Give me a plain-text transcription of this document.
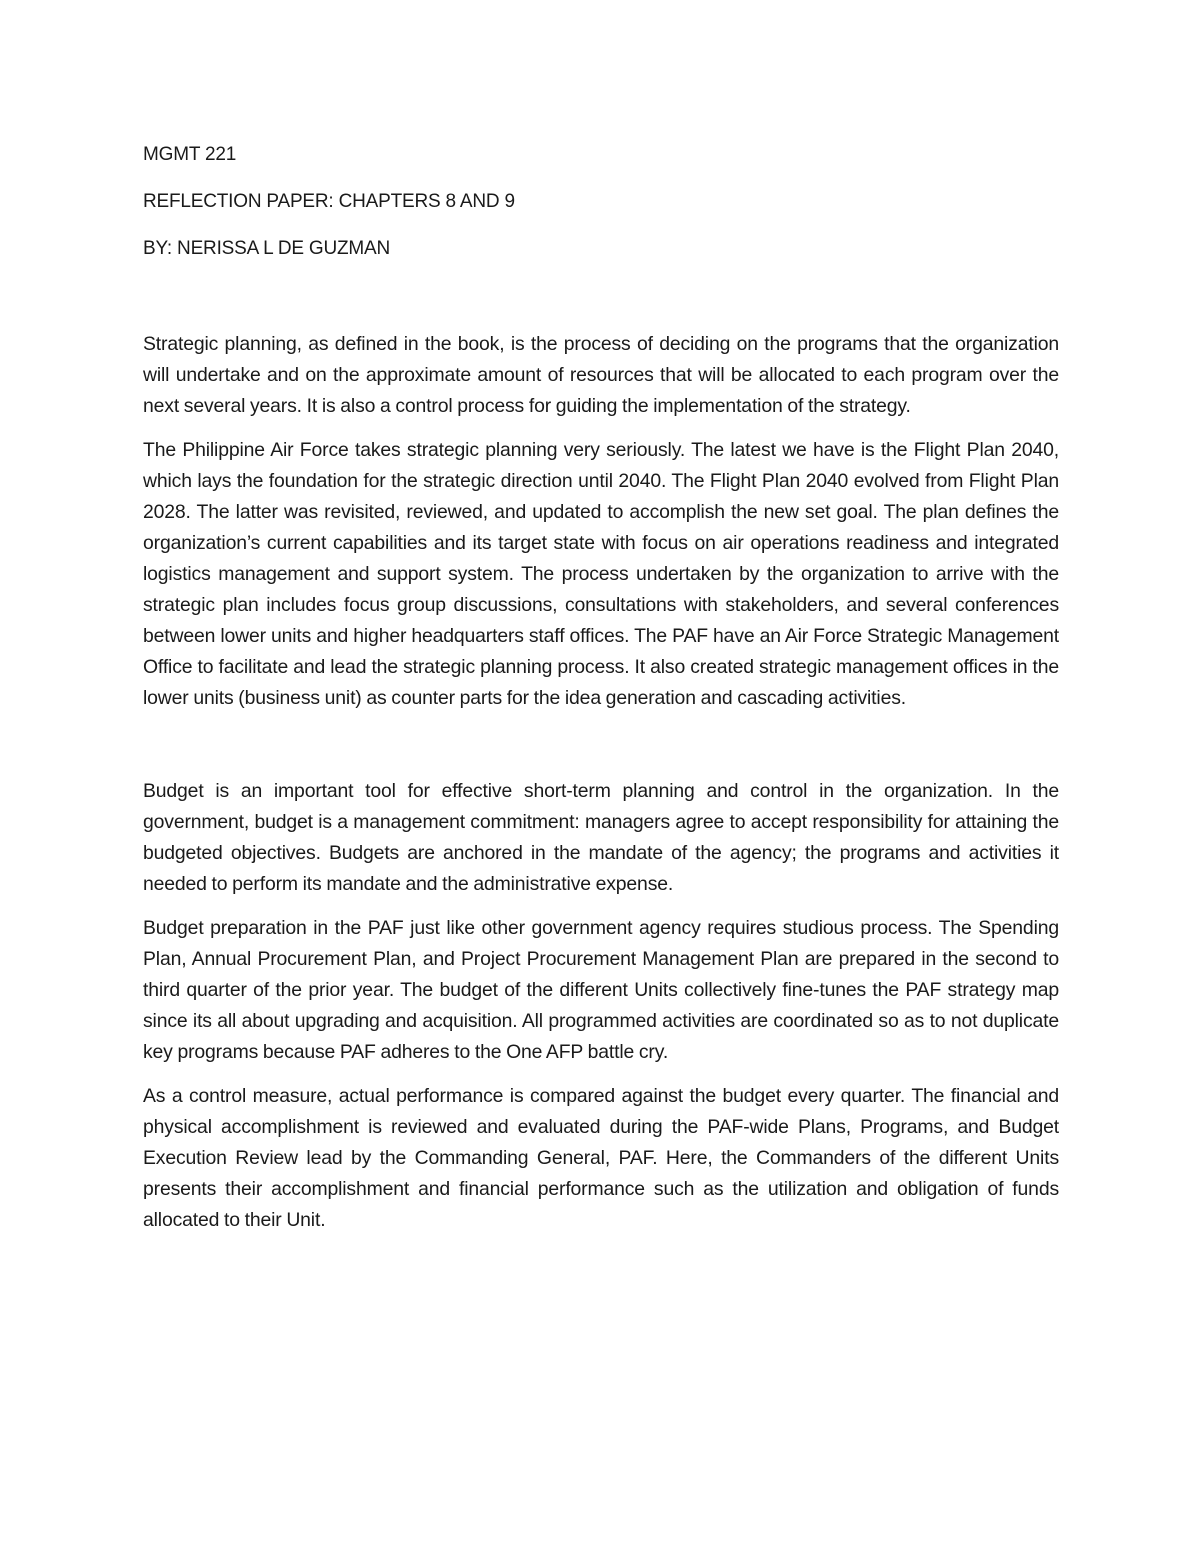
MGMT 221

REFLECTION PAPER: CHAPTERS 8 AND 9

BY: NERISSA L DE GUZMAN

Strategic planning, as defined in the book, is the process of deciding on the programs that the organization will undertake and on the approximate amount of resources that will be allocated to each program over the next several years. It is also a control process for guiding the implementation of the strategy.

The Philippine Air Force takes strategic planning very seriously. The latest we have is the Flight Plan 2040, which lays the foundation for the strategic direction until 2040. The Flight Plan 2040 evolved from Flight Plan 2028. The latter was revisited, reviewed, and updated to accomplish the new set goal. The plan defines the organization’s current capabilities and its target state with focus on air operations readiness and integrated logistics management and support system. The process undertaken by the organization to arrive with the strategic plan includes focus group discussions, consultations with stakeholders, and several conferences between lower units and higher headquarters staff offices. The PAF have an Air Force Strategic Management Office to facilitate and lead the strategic planning process. It also created strategic management offices in the lower units (business unit) as counter parts for the idea generation and cascading activities.

Budget is an important tool for effective short-term planning and control in the organization. In the government, budget is a management commitment: managers agree to accept responsibility for attaining the budgeted objectives. Budgets are anchored in the mandate of the agency; the programs and activities it needed to perform its mandate and the administrative expense.

Budget preparation in the PAF just like other government agency requires studious process. The Spending Plan, Annual Procurement Plan, and Project Procurement Management Plan are prepared in the second to third quarter of the prior year. The budget of the different Units collectively fine-tunes the PAF strategy map since its all about upgrading and acquisition. All programmed activities are coordinated so as to not duplicate key programs because PAF adheres to the One AFP battle cry.

As a control measure, actual performance is compared against the budget every quarter. The financial and physical accomplishment is reviewed and evaluated during the PAF-wide Plans, Programs, and Budget Execution Review lead by the Commanding General, PAF. Here, the Commanders of the different Units presents their accomplishment and financial performance such as the utilization and obligation of funds allocated to their Unit.
